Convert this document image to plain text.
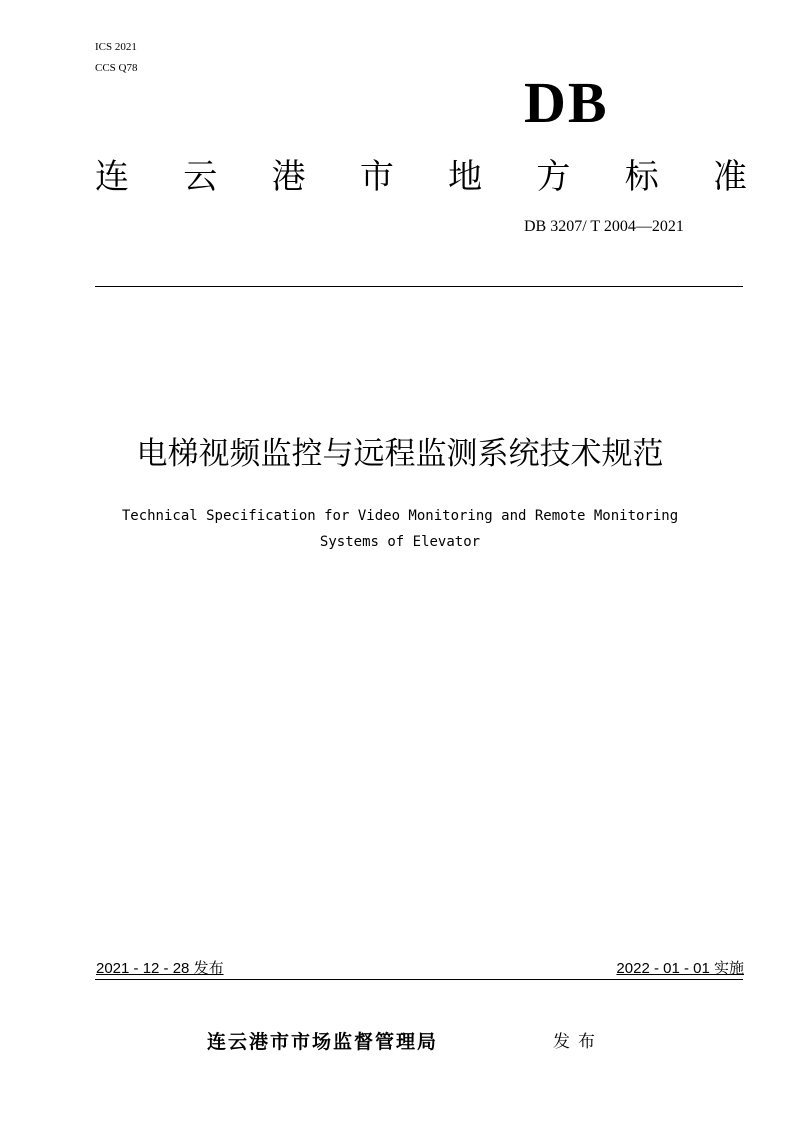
ICS 2021
CCS Q78
DB
连 云 港 市 地 方 标 准
DB 3207/ T 2004—2021
电梯视频监控与远程监测系统技术规范
Technical Specification for Video Monitoring and Remote Monitoring
Systems of Elevator
2021 - 12 - 28 发布	2022 - 01 - 01 实施
连云港市市场监督管理局	发布
